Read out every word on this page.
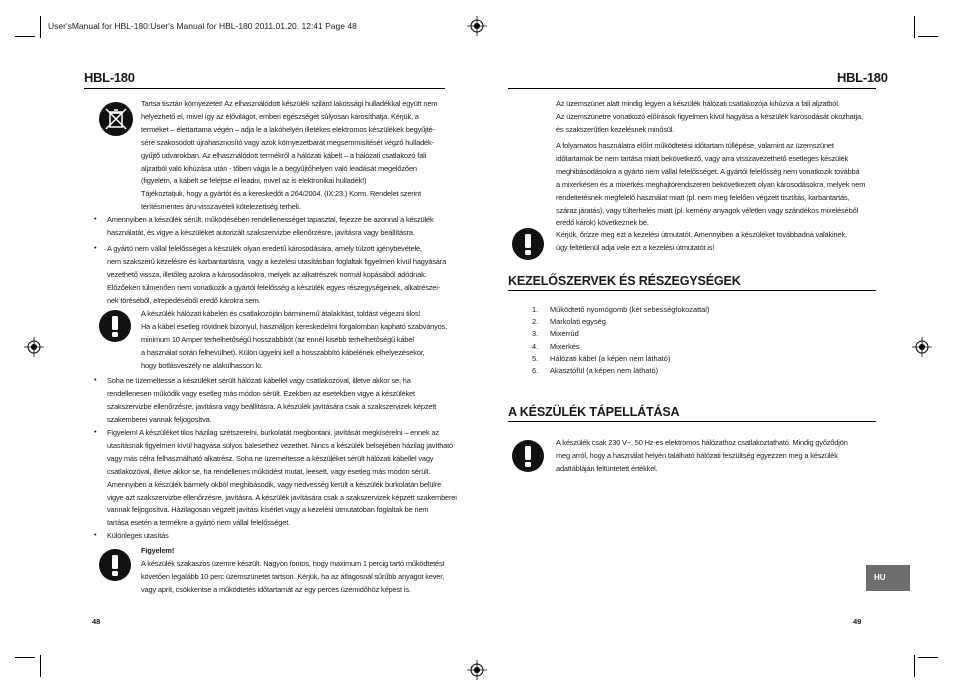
User'sManual for HBL-180:User's Manual for HBL-180 2011.01.20. 12:41 Page 48
HBL-180	HBL-180
Tartsa tisztán környezetét! Az elhasználódott készülék szilárd lakossági hulladékkal együtt nem
helyezhető el, mivel így az élővilágot, emberi egészséget súlyosan károsíthatja. Kérjük, a
terméket – élettartama végén – adja le a lakóhelyén illetékes elektromos készülékek begyűjté-
sére szakosodott újrahasznosító vagy azok környezetbarát megsemmisítését végző hulladék-
gyűjtő udvarokban. Az elhasználódott termékről a hálózati kábelt – a hálózati csatlakozó fali
aljzatból való kihúzása után - tőben vágja le a begyűjtőhelyen való leadását megelőzően
(figyelem, a kábelt se felejtse el leadni, mivel az is elektronikai hulladék!)
Tájékoztatjuk, hogy a gyártót és a kereskedőt a 264/2004. (IX:23.) Korm. Rendelet szerint
térítésmentes áru-visszavételi kötelezettség terheli.
• Amennyiben a készülék sérült, működésében rendellenességet tapasztal, fejezze be azonnal a készülék
használatát, és vigye a készüléket autorizált szakszervizbe ellenőrzésre, javításra vagy beállításra.
• A gyártó nem vállal felelősséget a készülék olyan eredetű károsodására, amely túlzott igénybevétele,
nem szakszerű kezelésre és karbantartásra, vagy a kezelési utasításban foglaltak figyelmen kívül hagyására
vezethető vissza, illetőleg azokra a károsodásokra, melyek az alkatrészek normál kopásából adódnak.
Előzőeken túlmenően nem vonatkozik a gyártói felelősség a készülék egyes részegységeinek, alkatrészei-
nek töréséből, elrepedéséből eredő károkra sem.
A készülék hálózati kábelén és csatlakozóján bárminemű átalakítást, toldást végezni tilos!
Ha a kábel esetleg rövidnek bizonyul, használjon kereskedelmi forgalomban kapható szabványos,
minimum 10 Amper terhelhetőségű hosszabbítót (az ennél kisebb terhelhetőségű kábel
a használat során felhevülhet). Külön ügyelni kell a hosszabbító kábelének elhelyezésekor,
hogy botlásveszély ne alakulhasson ki.
• Soha ne üzemeltesse a készüléket sérült hálózati kábellel vagy csatlakozóval, illetve akkor se, ha
rendellenesen működik vagy esetleg más módon sérült. Ezekben az esetekben vigye a készüléket
szakszervizbe ellenőrzésre, javításra vagy beállításra. A készülék javítására csak a szakszervizek képzett
szakemberei vannak feljogosítva.
• Figyelem! A készüléket tilos házilag szétszerelni, burkolatát megbontani, javítását megkísérelni – ennek az
utasításnak figyelmen kívül hagyása súlyos balesethez vezethet. Nincs a készülék belsejében házilag javítható
vagy más célra felhasználható alkatrész. Soha ne üzemeltesse a készüléket sérült hálózati kábellel vagy
csatlakozóval, illetve akkor se, ha rendellenes működést mutat, leesett, vagy esetleg más módon sérült.
Amennyiben a készülék bármely okból meghibásodik, vagy nedvesség került a készülék burkolatán belülre
vigye azt szakszervizbe ellenőrzésre, javításra. A készülék javítására csak a szakszervizek képzett szakemberei
vannak feljogosítva. Házilagosan végzett javítási kísérlet vagy a kezelési útmutatóban foglaltak be nem
tartása esetén a termékre a gyártó nem vállal felelősséget.
• Különleges utasítás
Figyelem!
A készülék szakaszos üzemre készült. Nagyon fontos, hogy maximum 1 percig tartó működtetést
követően legalább 10 perc üzemszünetet tartson. Kérjük, ha az átlagosnál sűrűbb anyagot kever,
vagy aprít, csökkentse a működtetés időtartamát az egy perces üzemidőhöz képest is.
48
Az üzemszünet alatt mindig legyen a készülék hálózati csatlakozója kihúzva a fali aljzatból.
Az üzemszünetre vonatkozó előírások figyelmen kívül hagyása a készülék károsodását okozhatja,
és szakszerűtlen kezelésnek minősül.
A folyamatos használatra előírt működtetési időtartam túllépése, valamint az üzemszünet
időtartamok be nem tartása miatt bekövetkező, vagy arra visszavezethető esetleges készülék
meghibásodásokra a gyártó nem vállal felelősséget. A gyártói felelősség nem vonatkozik továbbá
a mixerkésen és a mixerkés meghajtórendszeren bekövetkezett olyan károsodásokra, melyek nem
rendeltetésnek megfelelő használat miatt (pl. nem meg felelően végzett tisztítás, karbantartás,
száraz járatás), vagy túlterhelés miatt (pl. kemény anyagok véletlen vagy szándékos mixeléséből
eredő károk) következnek be.
Kérjük, őrizze meg ezt a kezelési útmutatót. Amennyiben a készüléket továbbadná valakinek,
úgy feltétlenül adja vele ezt a kezelési útmutatót is!
KEZELŐSZERVEK ÉS RÉSZEGYSÉGEK
1. Működtető nyomógomb (két sebességfokozattal)
2. Markolati egység
3. Mixerrúd
4. Mixerkés
5. Hálózati kábel (a képen nem látható)
6. Akasztófül (a képen nem látható)
A KÉSZÜLÉK TÁPELLÁTÁSA
A készülék csak 230 V~, 50 Hz-es elektromos hálózathoz csatlakoztatható. Mindig győződjön
meg arról, hogy a használat helyén található hálózati feszültség egyezzen meg a készülék
adattábláján feltüntetett értékkel.
HU
49
